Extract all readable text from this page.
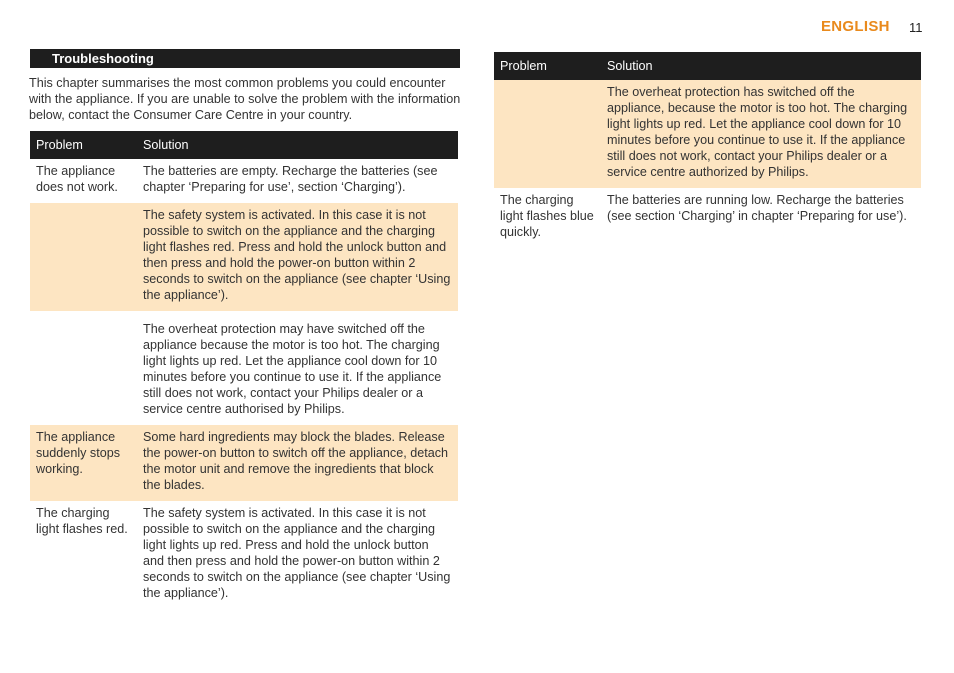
ENGLISH 11
Troubleshooting
This chapter summarises the most common problems you could encounter with the appliance. If you are unable to solve the problem with the information below, contact the Consumer Care Centre in your country.
Problem	Solution
The appliance does not work.	The batteries are empty. Recharge the batteries (see chapter ‘Preparing for use’, section ‘Charging’).
	The safety system is activated. In this case it is not possible to switch on the appliance and the charging light flashes red. Press and hold the unlock button and then press and hold the power-on button within 2 seconds to switch on the appliance (see chapter ‘Using the appliance’).

	The overheat protection may have switched off the appliance because the motor is too hot. The charging light lights up red. Let the appliance cool down for 10 minutes before you continue to use it. If the appliance still does not work, contact your Philips dealer or a service centre authorised by Philips.
The appliance suddenly stops working.	Some hard ingredients may block the blades. Release the power-on button to switch off the appliance, detach the motor unit and remove the ingredients that block the blades.
The charging light flashes red.	The safety system is activated. In this case it is not possible to switch on the appliance and the charging light lights up red. Press and hold the unlock button and then press and hold the power-on button within 2 seconds to switch on the appliance (see chapter ‘Using the appliance’).
Problem	Solution
	The overheat protection has switched off the appliance, because the motor is too hot. The charging light lights up red. Let the appliance cool down for 10 minutes before you continue to use it. If the appliance still does not work, contact your Philips dealer or a service centre authorized by Philips.
The charging light flashes blue quickly.	The batteries are running low. Recharge the batteries (see section ‘Charging’ in chapter ‘Preparing for use’).
